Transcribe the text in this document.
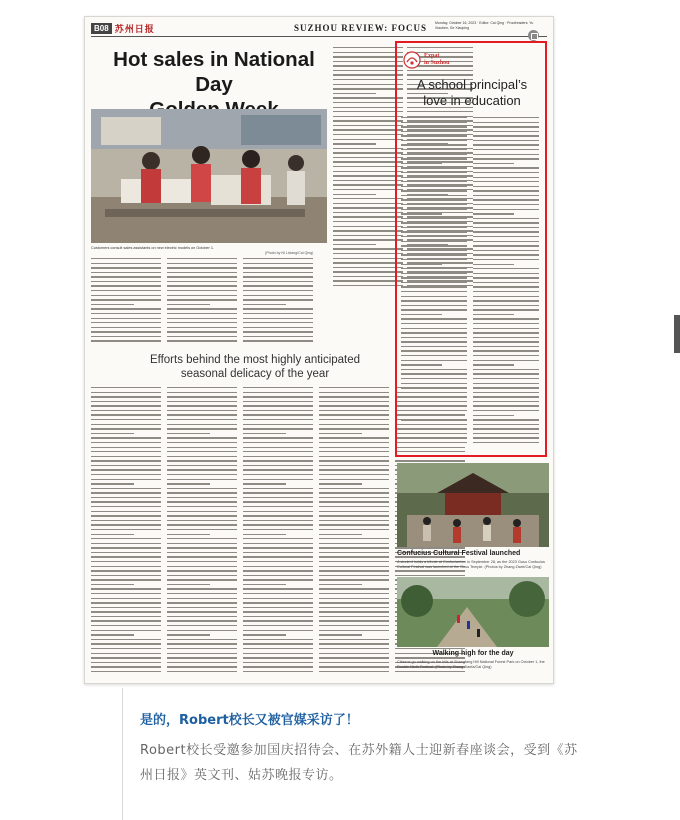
B08 苏州日报	SUZHOU REVIEW: FOCUS Monday, October 16, 2023 · Editor: Cai Qing · Proofreaders: Yu Xiaoben, Ge Xiaoping
Hot sales in National Day
Customers consult sales assistants on new electric models on October 1.
(Photo by Ni Lixiang/Cai Qing)
Efforts behind the most highly anticipated
seasonal delicacy of the year
Expat
in Suzhou
A school principal’s
love in education
Confucius Cultural Festival launched
A student holds a tribute at Confucianism in September 28, as the 2023 Gusu Confucius Cultural Festival was launched at the Gusu Temple. (Photos by Zhang Ziwei/Cai Qing)
Walking high for the day
Citizens go walking on the hills at Shangfang Hill National Forest Park on October 1, the Double Ninth Festival. (Photo by Zhang Jianfa/Cai Qing)
是的，Robert校长又被官媒采访了！
Robert校长受邀参加国庆招待会、在苏外籍人士迎新春座谈会，受到《苏州日报》英文刊、姑苏晚报专访。
